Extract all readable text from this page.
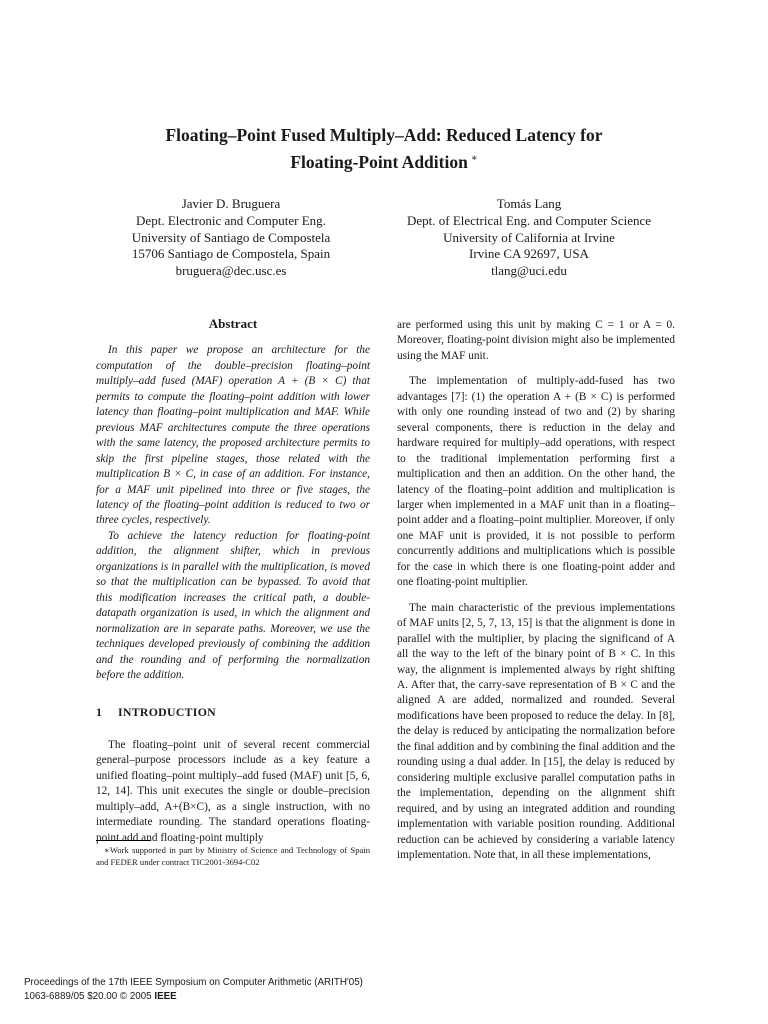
Floating–Point Fused Multiply–Add: Reduced Latency for
Floating-Point Addition ∗
Javier D. Bruguera
Dept. Electronic and Computer Eng.
University of Santiago de Compostela
15706 Santiago de Compostela, Spain
bruguera@dec.usc.es
Tomás Lang
Dept. of Electrical Eng. and Computer Science
University of California at Irvine
Irvine CA 92697, USA
tlang@uci.edu
Abstract

In this paper we propose an architecture for the computation of the double–precision floating–point multiply–add fused (MAF) operation A + (B × C) that permits to compute the floating–point addition with lower latency than floating–point multiplication and MAF. While previous MAF architectures compute the three operations with the same latency, the proposed architecture permits to skip the first pipeline stages, those related with the multiplication B × C, in case of an addition. For instance, for a MAF unit pipelined into three or five stages, the latency of the floating–point addition is reduced to two or three cycles, respectively.

To achieve the latency reduction for floating-point addition, the alignment shifter, which in previous organizations is in parallel with the multiplication, is moved so that the multiplication can be bypassed. To avoid that this modification increases the critical path, a double-datapath organization is used, in which the alignment and normalization are in separate paths. Moreover, we use the techniques developed previously of combining the addition and the rounding and of performing the normalization before the addition.

1 INTRODUCTION

The floating–point unit of several recent commercial general–purpose processors include as a key feature a unified floating–point multiply–add fused (MAF) unit [5, 6, 12, 14]. This unit executes the single or double–precision multiply–add, A+(B×C), as a single instruction, with no intermediate rounding. The standard operations floating-point add and floating-point multiply

are performed using this unit by making C = 1 or A = 0. Moreover, floating-point division might also be implemented using the MAF unit.

The implementation of multiply-add-fused has two advantages [7]: (1) the operation A + (B × C) is performed with only one rounding instead of two and (2) by sharing several components, there is reduction in the delay and hardware required for multiply–add operations, with respect to the traditional implementation performing first a multiplication and then an addition. On the other hand, the latency of the floating–point addition and multiplication is larger when implemented in a MAF unit than in a floating–point adder and a floating–point multiplier. Moreover, if only one MAF unit is provided, it is not possible to perform concurrently additions and multiplications which is possible for the case in which there is one floating-point adder and one floating-point multiplier.

The main characteristic of the previous implementations of MAF units [2, 5, 7, 13, 15] is that the alignment is done in parallel with the multiplier, by placing the significand of A all the way to the left of the binary point of B × C. In this way, the alignment is implemented always by right shifting A. After that, the carry-save representation of B × C and the aligned A are added, normalized and rounded. Several modifications have been proposed to reduce the delay. In [8], the delay is reduced by anticipating the normalization before the final addition and by combining the final addition and the rounding using a dual adder. In [15], the delay is reduced by considering multiple exclusive parallel computation paths in the implementation, depending on the alignment shift required, and by using an integrated addition and rounding implementation with variable position rounding. Additional reduction can be achieved by considering a variable latency implementation. Note that, in all these implementations,

∗Work supported in part by Ministry of Science and Technology of Spain and FEDER under contract TIC2001-3694-C02

Proceedings of the 17th IEEE Symposium on Computer Arithmetic (ARITH'05)
1063-6889/05 $20.00 © 2005 IEEE
